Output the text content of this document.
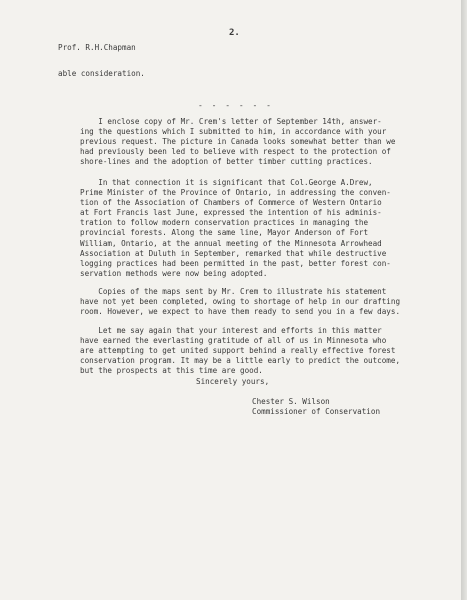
2.
Prof. R.H.Chapman
able consideration.
- - - - - -
I enclose copy of Mr. Crem's letter of September 14th, answer-
ing the questions which I submitted to him, in accordance with your
previous request. The picture in Canada looks somewhat better than we
had previously been led to believe with respect to the protection of
shore-lines and the adoption of better timber cutting practices.
In that connection it is significant that Col.George A.Drew,
Prime Minister of the Province of Ontario, in addressing the conven-
tion of the Association of Chambers of Commerce of Western Ontario
at Fort Francis last June, expressed the intention of his adminis-
tration to follow modern conservation practices in managing the
provincial forests. Along the same line, Mayor Anderson of Fort
William, Ontario, at the annual meeting of the Minnesota Arrowhead
Association at Duluth in September, remarked that while destructive
logging practices had been permitted in the past, better forest con-
servation methods were now being adopted.
Copies of the maps sent by Mr. Crem to illustrate his statement
have not yet been completed, owing to shortage of help in our drafting
room. However, we expect to have them ready to send you in a few days.
Let me say again that your interest and efforts in this matter
have earned the everlasting gratitude of all of us in Minnesota who
are attempting to get united support behind a really effective forest
conservation program. It may be a little early to predict the outcome,
but the prospects at this time are good.
Sincerely yours,
Chester S. Wilson
Commissioner of Conservation
